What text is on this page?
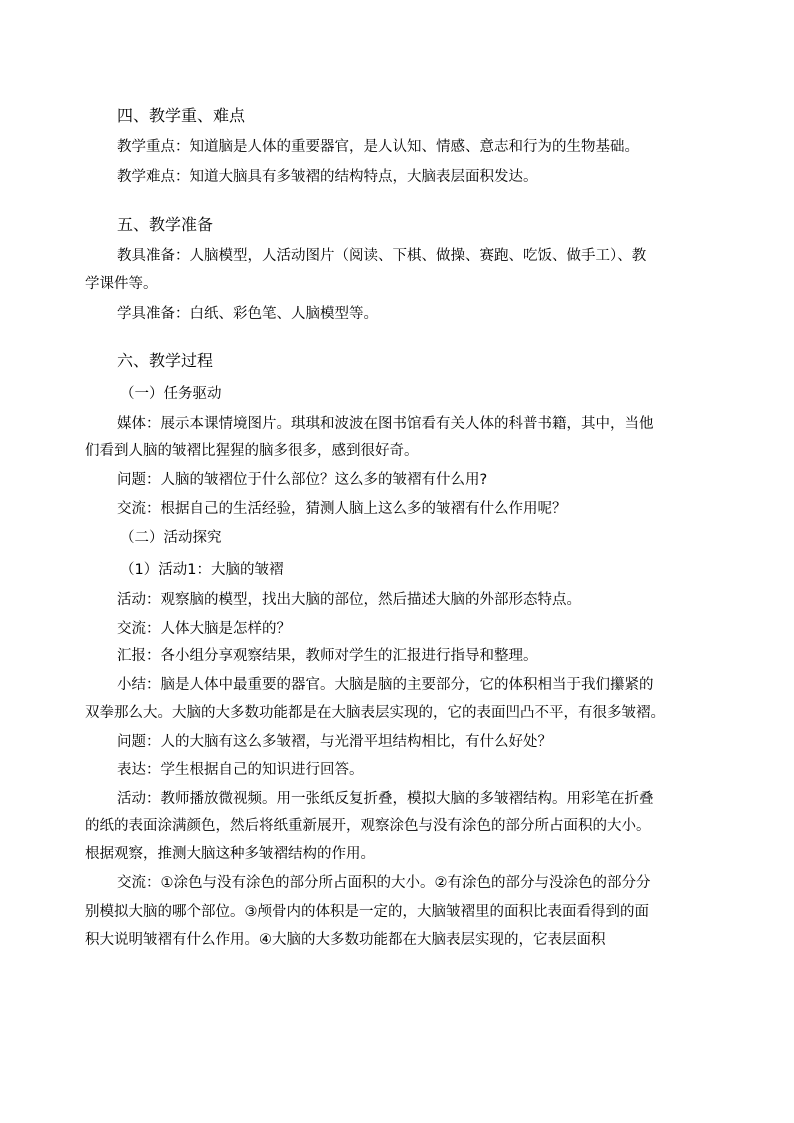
四、教学重、难点
教学重点：知道脑是人体的重要器官，是人认知、情感、意志和行为的生物基础。
教学难点：知道大脑具有多皱褶的结构特点，大脑表层面积发达。
五、教学准备
教具准备：人脑模型，人活动图片（阅读、下棋、做操、赛跑、吃饭、做手工）、教
学课件等。
学具准备：白纸、彩色笔、人脑模型等。
六、教学过程
（一）任务驱动
媒体：展示本课情境图片。琪琪和波波在图书馆看有关人体的科普书籍，其中，当他
们看到人脑的皱褶比猩猩的脑多很多，感到很好奇。
问题：人脑的皱褶位于什么部位？这么多的皱褶有什么用?
交流：根据自己的生活经验，猜测人脑上这么多的皱褶有什么作用呢？
（二）活动探究
（1）活动1：大脑的皱褶
活动：观察脑的模型，找出大脑的部位，然后描述大脑的外部形态特点。
交流：人体大脑是怎样的？
汇报：各小组分享观察结果，教师对学生的汇报进行指导和整理。
小结：脑是人体中最重要的器官。大脑是脑的主要部分，它的体积相当于我们攥紧的
双拳那么大。大脑的大多数功能都是在大脑表层实现的，它的表面凹凸不平，有很多皱褶。
问题：人的大脑有这么多皱褶，与光滑平坦结构相比，有什么好处？
表达：学生根据自己的知识进行回答。
活动：教师播放微视频。用一张纸反复折叠，模拟大脑的多皱褶结构。用彩笔在折叠
的纸的表面涂满颜色，然后将纸重新展开，观察涂色与没有涂色的部分所占面积的大小。
根据观察，推测大脑这种多皱褶结构的作用。
交流：①涂色与没有涂色的部分所占面积的大小。②有涂色的部分与没涂色的部分分
别模拟大脑的哪个部位。③颅骨内的体积是一定的，大脑皱褶里的面积比表面看得到的面
积大说明皱褶有什么作用。④大脑的大多数功能都在大脑表层实现的，它表层面积
